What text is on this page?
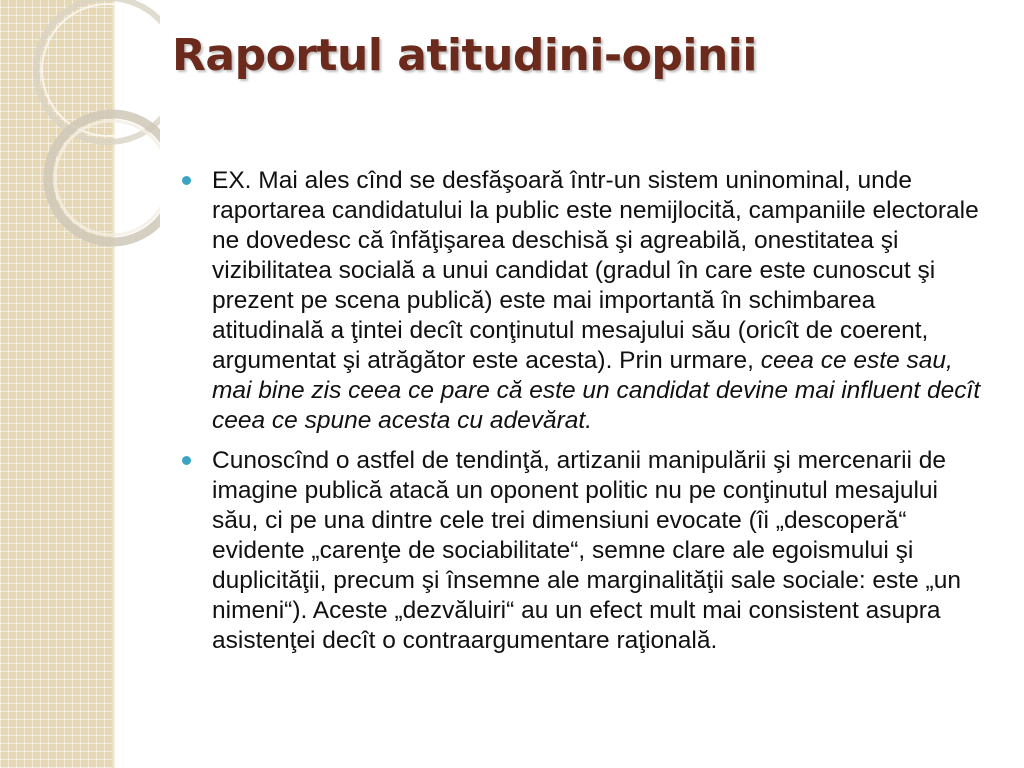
Raportul atitudini-opinii
EX. Mai ales cînd se desfăşoară într-un sistem uninominal, unde raportarea candidatului la public este nemijlocită, campaniile electorale ne dovedesc că înfăţişarea deschisă şi agreabilă, onestitatea şi vizibilitatea socială a unui candidat (gradul în care este cunoscut şi prezent pe scena publică) este mai importantă în schimbarea atitudinală a ţintei decît conţinutul mesajului său (oricît de coerent, argumentat şi atrăgător este acesta). Prin urmare, ceea ce este sau, mai bine zis ceea ce pare că este un candidat devine mai influent decît ceea ce spune acesta cu adevărat.
Cunoscînd o astfel de tendinţă, artizanii manipulării şi mercenarii de imagine publică atacă un oponent politic nu pe conţinutul mesajului său, ci pe una dintre cele trei dimensiuni evocate (îi „descoperă“ evidente „carenţe de sociabilitate“, semne clare ale egoismului şi duplicităţii, precum şi însemne ale marginalităţii sale sociale: este „un nimeni“). Aceste „dezvăluiri“ au un efect mult mai consistent asupra asistenţei decît o contraargumentare raţională.
